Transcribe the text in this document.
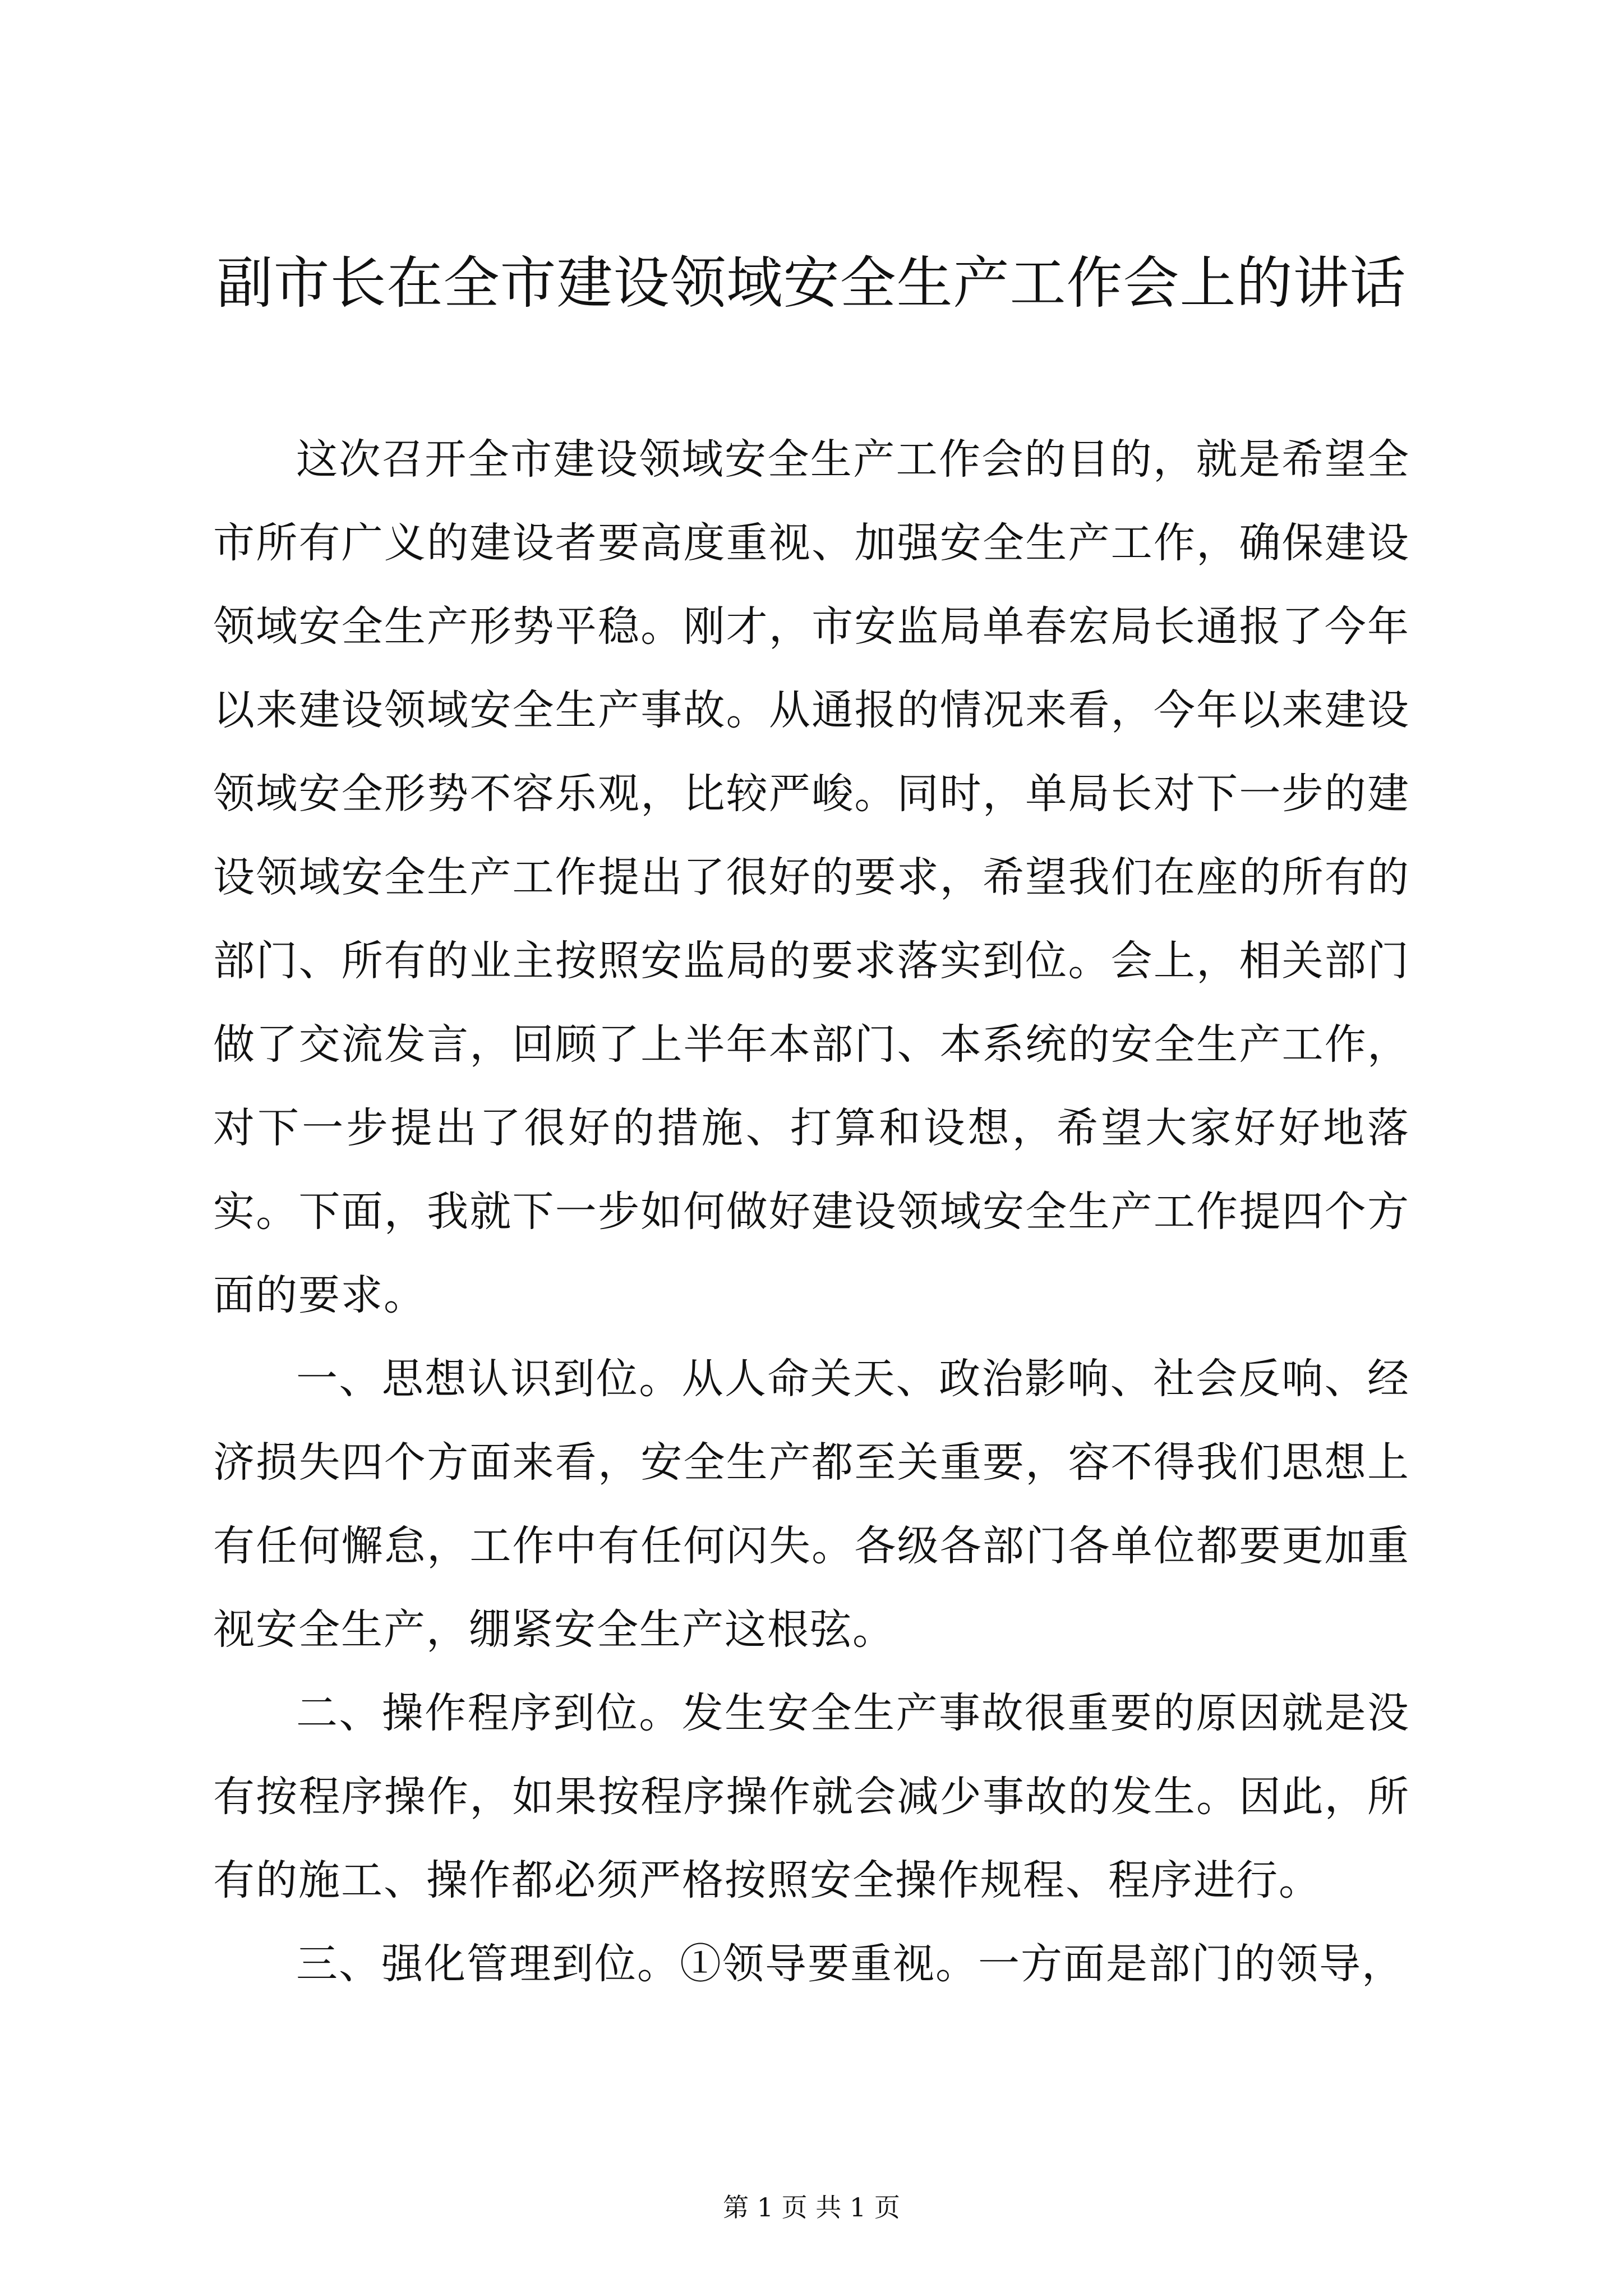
副市长在全市建设领域安全生产工作会上的讲话

这次召开全市建设领域安全生产工作会的目的，就是希望全市所有广义的建设者要高度重视、加强安全生产工作，确保建设领域安全生产形势平稳。刚才，市安监局单春宏局长通报了今年以来建设领域安全生产事故。从通报的情况来看，今年以来建设领域安全形势不容乐观，比较严峻。同时，单局长对下一步的建设领域安全生产工作提出了很好的要求，希望我们在座的所有的部门、所有的业主按照安监局的要求落实到位。会上，相关部门做了交流发言，回顾了上半年本部门、本系统的安全生产工作，对下一步提出了很好的措施、打算和设想，希望大家好好地落实。下面，我就下一步如何做好建设领域安全生产工作提四个方面的要求。

一、思想认识到位。从人命关天、政治影响、社会反响、经济损失四个方面来看，安全生产都至关重要，容不得我们思想上有任何懈怠，工作中有任何闪失。各级各部门各单位都要更加重视安全生产，绷紧安全生产这根弦。

二、操作程序到位。发生安全生产事故很重要的原因就是没有按程序操作，如果按程序操作就会减少事故的发生。因此，所有的施工、操作都必须严格按照安全操作规程、程序进行。

三、强化管理到位。①领导要重视。一方面是部门的领导，

第 1 页 共 1 页
